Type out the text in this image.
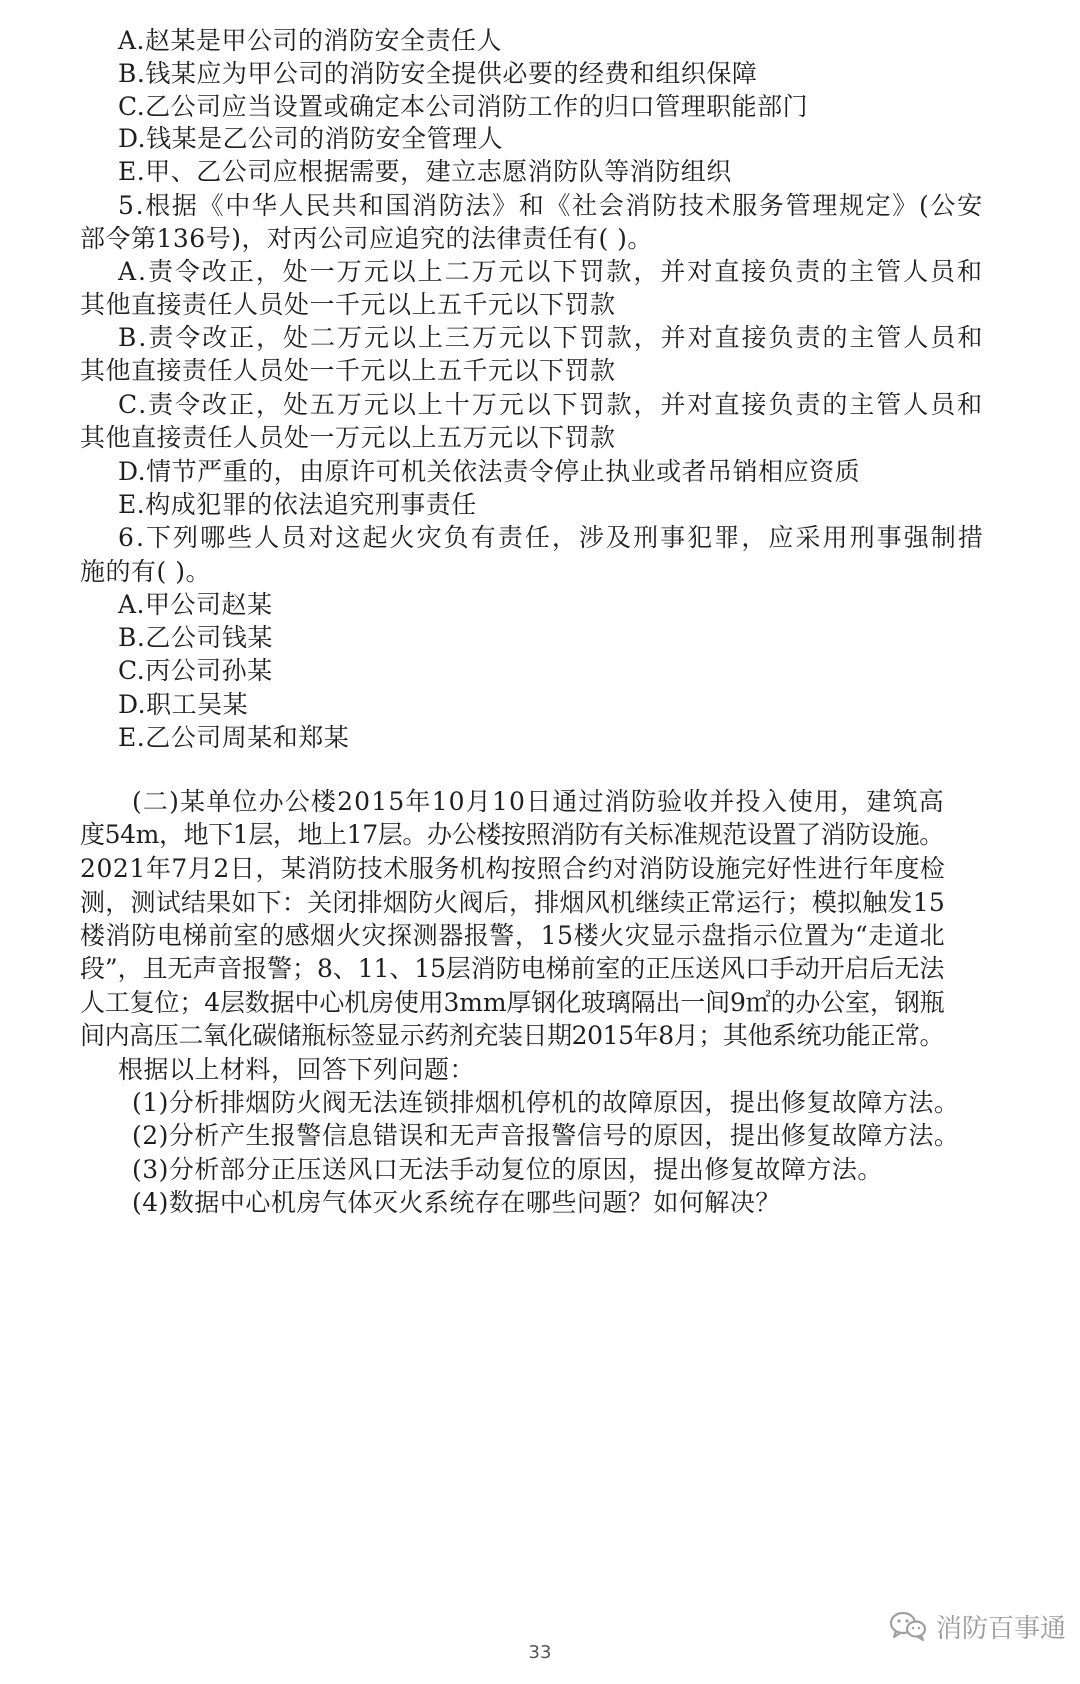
A.赵某是甲公司的消防安全责任人
B.钱某应为甲公司的消防安全提供必要的经费和组织保障
C.乙公司应当设置或确定本公司消防工作的归口管理职能部门
D.钱某是乙公司的消防安全管理人
E.甲、乙公司应根据需要，建立志愿消防队等消防组织
5.根据《中华人民共和国消防法》和《社会消防技术服务管理规定》(公安
部令第136号)，对丙公司应追究的法律责任有( )。
A.责令改正，处一万元以上二万元以下罚款，并对直接负责的主管人员和
其他直接责任人员处一千元以上五千元以下罚款
B.责令改正，处二万元以上三万元以下罚款，并对直接负责的主管人员和
其他直接责任人员处一千元以上五千元以下罚款
C.责令改正，处五万元以上十万元以下罚款，并对直接负责的主管人员和
其他直接责任人员处一万元以上五万元以下罚款
D.情节严重的，由原许可机关依法责令停止执业或者吊销相应资质
E.构成犯罪的依法追究刑事责任
6.下列哪些人员对这起火灾负有责任，涉及刑事犯罪，应采用刑事强制措
施的有( )。
A.甲公司赵某
B.乙公司钱某
C.丙公司孙某
D.职工吴某
E.乙公司周某和郑某
(二)某单位办公楼2015年10月10日通过消防验收并投入使用，建筑高
度54m，地下1层，地上17层。办公楼按照消防有关标准规范设置了消防设施。
2021年7月2日，某消防技术服务机构按照合约对消防设施完好性进行年度检
测，测试结果如下：关闭排烟防火阀后，排烟风机继续正常运行；模拟触发15
楼消防电梯前室的感烟火灾探测器报警，15楼火灾显示盘指示位置为“走道北
段”，且无声音报警；8、11、15层消防电梯前室的正压送风口手动开启后无法
人工复位；4层数据中心机房使用3mm厚钢化玻璃隔出一间9㎡的办公室，钢瓶
间内高压二氧化碳储瓶标签显示药剂充装日期2015年8月；其他系统功能正常。
根据以上材料，回答下列问题：
(1)分析排烟防火阀无法连锁排烟机停机的故障原因，提出修复故障方法。
(2)分析产生报警信息错误和无声音报警信号的原因，提出修复故障方法。
(3)分析部分正压送风口无法手动复位的原因，提出修复故障方法。
(4)数据中心机房气体灭火系统存在哪些问题？如何解决？
消防百事通
33
